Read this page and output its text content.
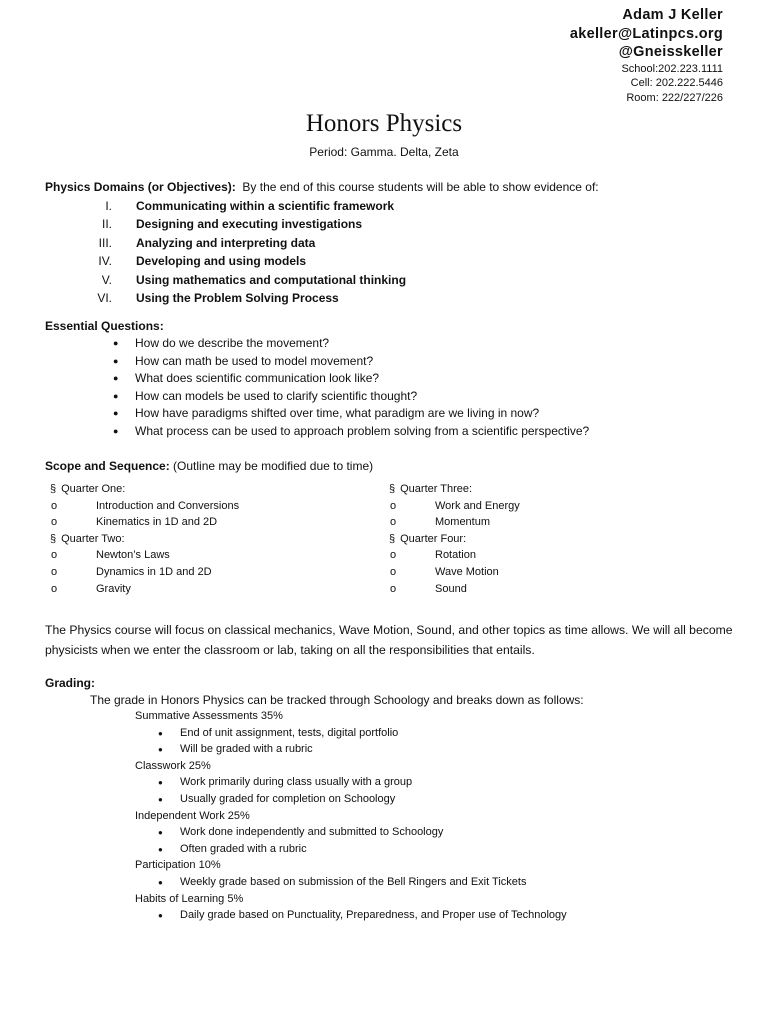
Adam J Keller
akeller@Latinpcs.org
@Gneisskeller
School:202.223.1111
Cell: 202.222.5446
Room: 222/227/226
Honors Physics
Period: Gamma. Delta, Zeta
Physics Domains (or Objectives): By the end of this course students will be able to show evidence of:
I. Communicating within a scientific framework
II. Designing and executing investigations
III. Analyzing and interpreting data
IV. Developing and using models
V. Using mathematics and computational thinking
VI. Using the Problem Solving Process
Essential Questions:
● How do we describe the movement?
● How can math be used to model movement?
● What does scientific communication look like?
● How can models be used to clarify scientific thought?
● How have paradigms shifted over time, what paradigm are we living in now?
● What process can be used to approach problem solving from a scientific perspective?
Scope and Sequence: (Outline may be modified due to time)
§ Quarter One:
o	Introduction and Conversions
o	Kinematics in 1D and 2D
§ Quarter Two:
o	Newton’s Laws
o	Dynamics in 1D and 2D
o	Gravity
§ Quarter Three:
o	Work and Energy
o	Momentum
§ Quarter Four:
o	Rotation
o	Wave Motion
o	Sound
The Physics course will focus on classical mechanics, Wave Motion, Sound, and other topics as time allows. We will all become physicists when we enter the classroom or lab, taking on all the responsibilities that entails.
Grading:
The grade in Honors Physics can be tracked through Schoology and breaks down as follows:
Summative Assessments 35%
● End of unit assignment, tests, digital portfolio
● Will be graded with a rubric
Classwork 25%
● Work primarily during class usually with a group
● Usually graded for completion on Schoology
Independent Work 25%
● Work done independently and submitted to Schoology
● Often graded with a rubric
Participation 10%
● Weekly grade based on submission of the Bell Ringers and Exit Tickets
Habits of Learning 5%
● Daily grade based on Punctuality, Preparedness, and Proper use of Technology
